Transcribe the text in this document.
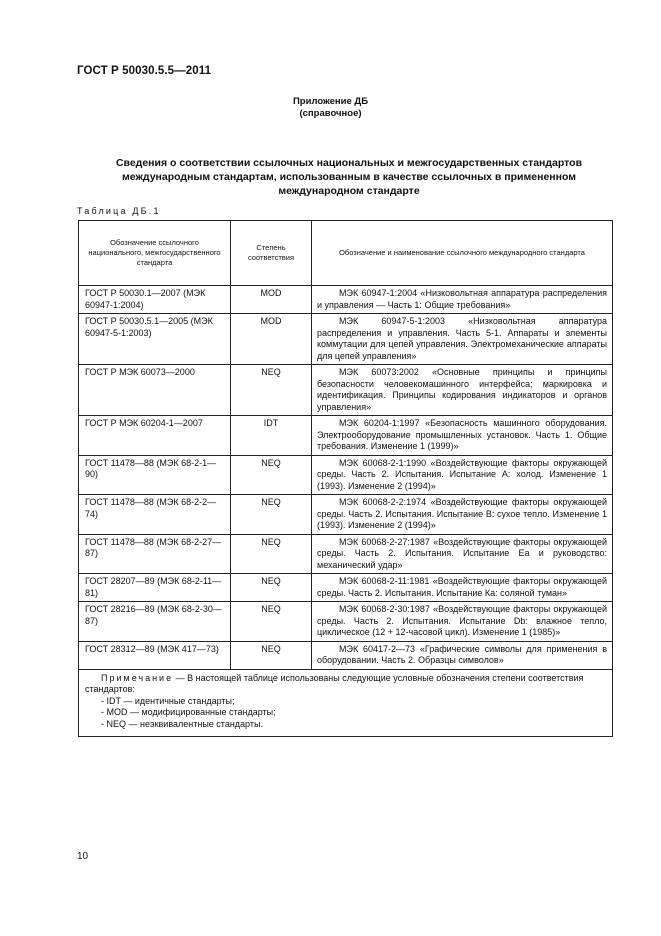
ГОСТ Р 50030.5.5—2011
Приложение ДБ
(справочное)
Сведения о соответствии ссылочных национальных и межгосударственных стандартов международным стандартам, использованным в качестве ссылочных в примененном международном стандарте
Таблица ДБ.1
Обозначение ссылочного национального, межгосударственного стандарта	Степень соответствия	Обозначение и наименование ссылочного международного стандарта
ГОСТ Р 50030.1—2007 (МЭК 60947-1:2004)	MOD	МЭК 60947-1:2004 «Низковольтная аппаратура распределения и управления — Часть 1: Общие требования»
ГОСТ Р 50030.5.1—2005 (МЭК 60947-5-1:2003)	MOD	МЭК 60947-5-1:2003 «Низковольтная аппаратура распределения и управления. Часть 5-1. Аппараты и элементы коммутации для цепей управления. Электромеханические аппараты для цепей управления»
ГОСТ Р МЭК 60073—2000	NEQ	МЭК 60073:2002 «Основные принципы и принципы безопасности человекомашинного интерфейса; маркировка и идентификация. Принципы кодирования индикаторов и органов управления»
ГОСТ Р МЭК 60204-1—2007	IDT	МЭК 60204-1:1997 «Безопасность машинного оборудования. Электрооборудование промышленных установок. Часть 1. Общие требования. Изменение 1 (1999)»
ГОСТ 11478—88 (МЭК 68-2-1—90)	NEQ	МЭК 60068-2-1:1990 «Воздействующие факторы окружающей среды. Часть 2. Испытания. Испытание А: холод. Изменение 1 (1993). Изменение 2 (1994)»
ГОСТ 11478—88 (МЭК 68-2-2—74)	NEQ	МЭК 60068-2-2:1974 «Воздействующие факторы окружающей среды. Часть 2. Испытания. Испытание В: сухое тепло. Изменение 1 (1993). Изменение 2 (1994)»
ГОСТ 11478—88 (МЭК 68-2-27—87)	NEQ	МЭК 60068-2-27:1987 «Воздействующие факторы окружающей среды. Часть 2. Испытания. Испытание Еа и руководство: механический удар»
ГОСТ 28207—89 (МЭК 68-2-11—81)	NEQ	МЭК 60068-2-11:1981 «Воздействующие факторы окружающей среды. Часть 2. Испытания. Испытание Ка: соляной туман»
ГОСТ 28216—89 (МЭК 68-2-30—87)	NEQ	МЭК 60068-2-30:1987 «Воздействующие факторы окружающей среды. Часть 2. Испытания. Испытание Db: влажное тепло, циклическое (12 + 12-часовой цикл). Изменение 1 (1985)»
ГОСТ 28312—89 (МЭК 417—73)	NEQ	МЭК 60417-2—73 «Графические символы для применения в оборудовании. Часть 2. Образцы символов»

Примечание — В настоящей таблице использованы следующие условные обозначения степени соответствия стандартов:
- IDT — идентичные стандарты;
- MOD — модифицированные стандарты;
- NEQ — неэквивалентные стандарты.		
10
